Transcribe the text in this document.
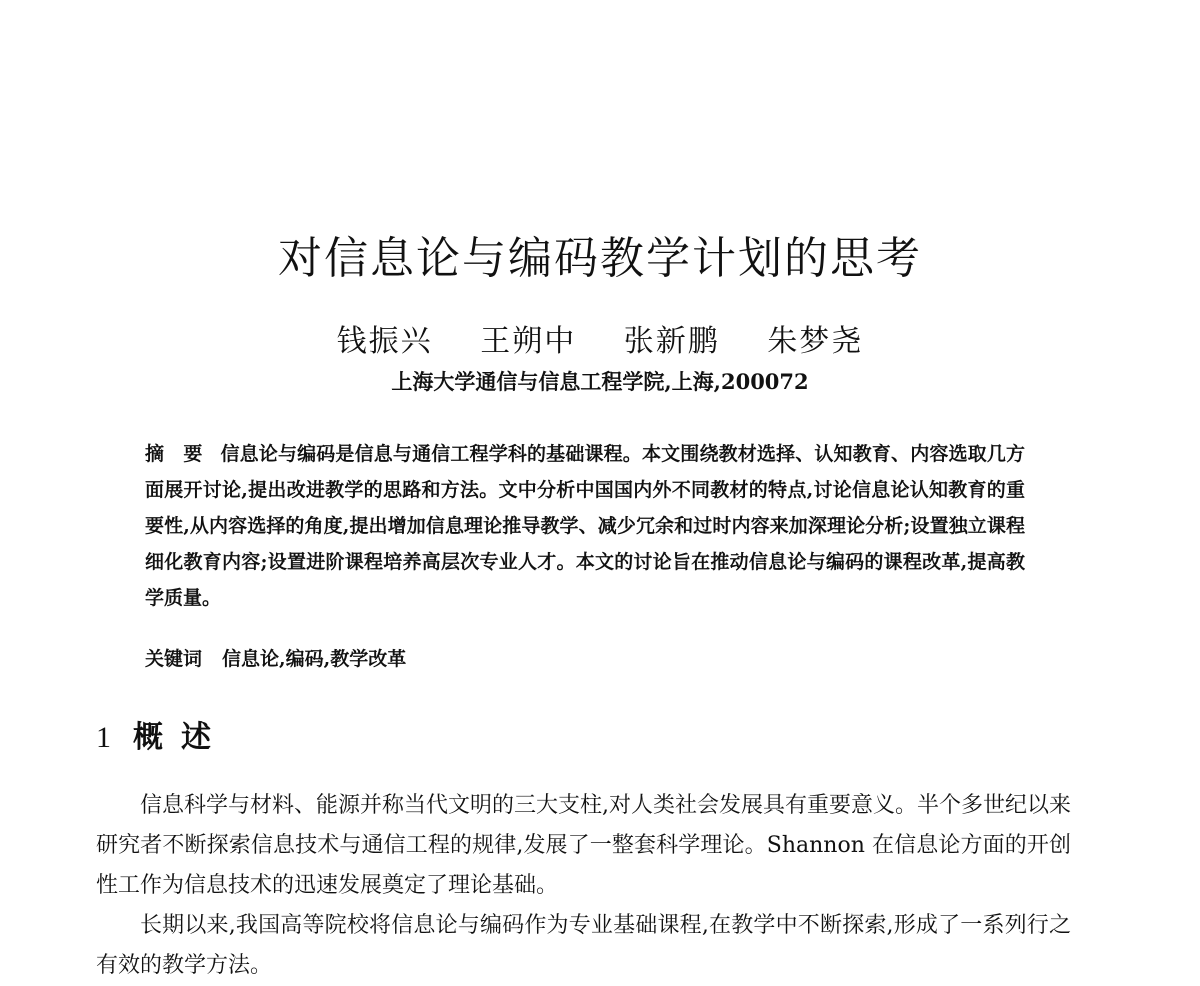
对信息论与编码教学计划的思考
钱振兴 王朔中 张新鹏 朱梦尧
上海大学通信与信息工程学院,上海,200072

摘　要 信息论与编码是信息与通信工程学科的基础课程。本文围绕教材选择、认知教育、内容选取几方面展开讨论,提出改进教学的思路和方法。文中分析中国国内外不同教材的特点,讨论信息论认知教育的重要性,从内容选择的角度,提出增加信息理论推导教学、减少冗余和过时内容来加深理论分析;设置独立课程细化教育内容;设置进阶课程培养高层次专业人才。本文的讨论旨在推动信息论与编码的课程改革,提高教学质量。

关键词 信息论,编码,教学改革
1 概述

信息科学与材料、能源并称当代文明的三大支柱,对人类社会发展具有重要意义。半个多世纪以来研究者不断探索信息技术与通信工程的规律,发展了一整套科学理论。Shannon 在信息论方面的开创性工作为信息技术的迅速发展奠定了理论基础。

长期以来,我国高等院校将信息论与编码作为专业基础课程,在教学中不断探索,形成了一系列行之有效的教学方法。
